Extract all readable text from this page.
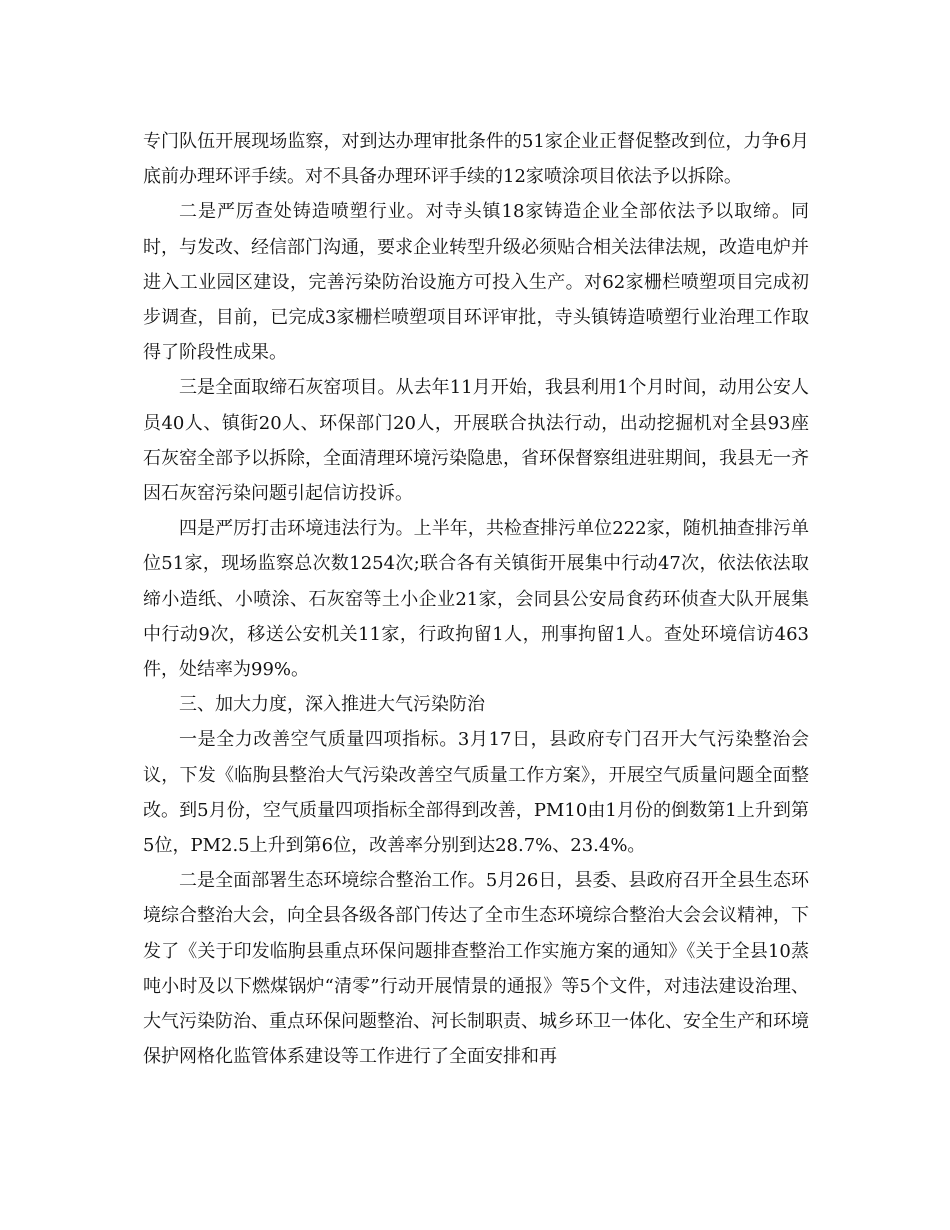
专门队伍开展现场监察，对到达办理审批条件的51家企业正督促整改到位，力争6月底前办理环评手续。对不具备办理环评手续的12家喷涂项目依法予以拆除。

二是严厉查处铸造喷塑行业。对寺头镇18家铸造企业全部依法予以取缔。同时，与发改、经信部门沟通，要求企业转型升级必须贴合相关法律法规，改造电炉并进入工业园区建设，完善污染防治设施方可投入生产。对62家栅栏喷塑项目完成初步调查，目前，已完成3家栅栏喷塑项目环评审批，寺头镇铸造喷塑行业治理工作取得了阶段性成果。

三是全面取缔石灰窑项目。从去年11月开始，我县利用1个月时间，动用公安人员40人、镇街20人、环保部门20人，开展联合执法行动，出动挖掘机对全县93座石灰窑全部予以拆除，全面清理环境污染隐患，省环保督察组进驻期间，我县无一齐因石灰窑污染问题引起信访投诉。

四是严厉打击环境违法行为。上半年，共检查排污单位222家，随机抽查排污单位51家，现场监察总次数1254次;联合各有关镇街开展集中行动47次，依法依法取缔小造纸、小喷涂、石灰窑等土小企业21家，会同县公安局食药环侦查大队开展集中行动9次，移送公安机关11家，行政拘留1人，刑事拘留1人。查处环境信访463件，处结率为99%。

三、加大力度，深入推进大气污染防治

一是全力改善空气质量四项指标。3月17日，县政府专门召开大气污染整治会议，下发《临朐县整治大气污染改善空气质量工作方案》，开展空气质量问题全面整改。到5月份，空气质量四项指标全部得到改善，PM10由1月份的倒数第1上升到第5位，PM2.5上升到第6位，改善率分别到达28.7%、23.4%。

二是全面部署生态环境综合整治工作。5月26日，县委、县政府召开全县生态环境综合整治大会，向全县各级各部门传达了全市生态环境综合整治大会会议精神，下发了《关于印发临朐县重点环保问题排查整治工作实施方案的通知》《关于全县10蒸吨小时及以下燃煤锅炉“清零”行动开展情景的通报》等5个文件，对违法建设治理、大气污染防治、重点环保问题整治、河长制职责、城乡环卫一体化、安全生产和环境保护网格化监管体系建设等工作进行了全面安排和再
